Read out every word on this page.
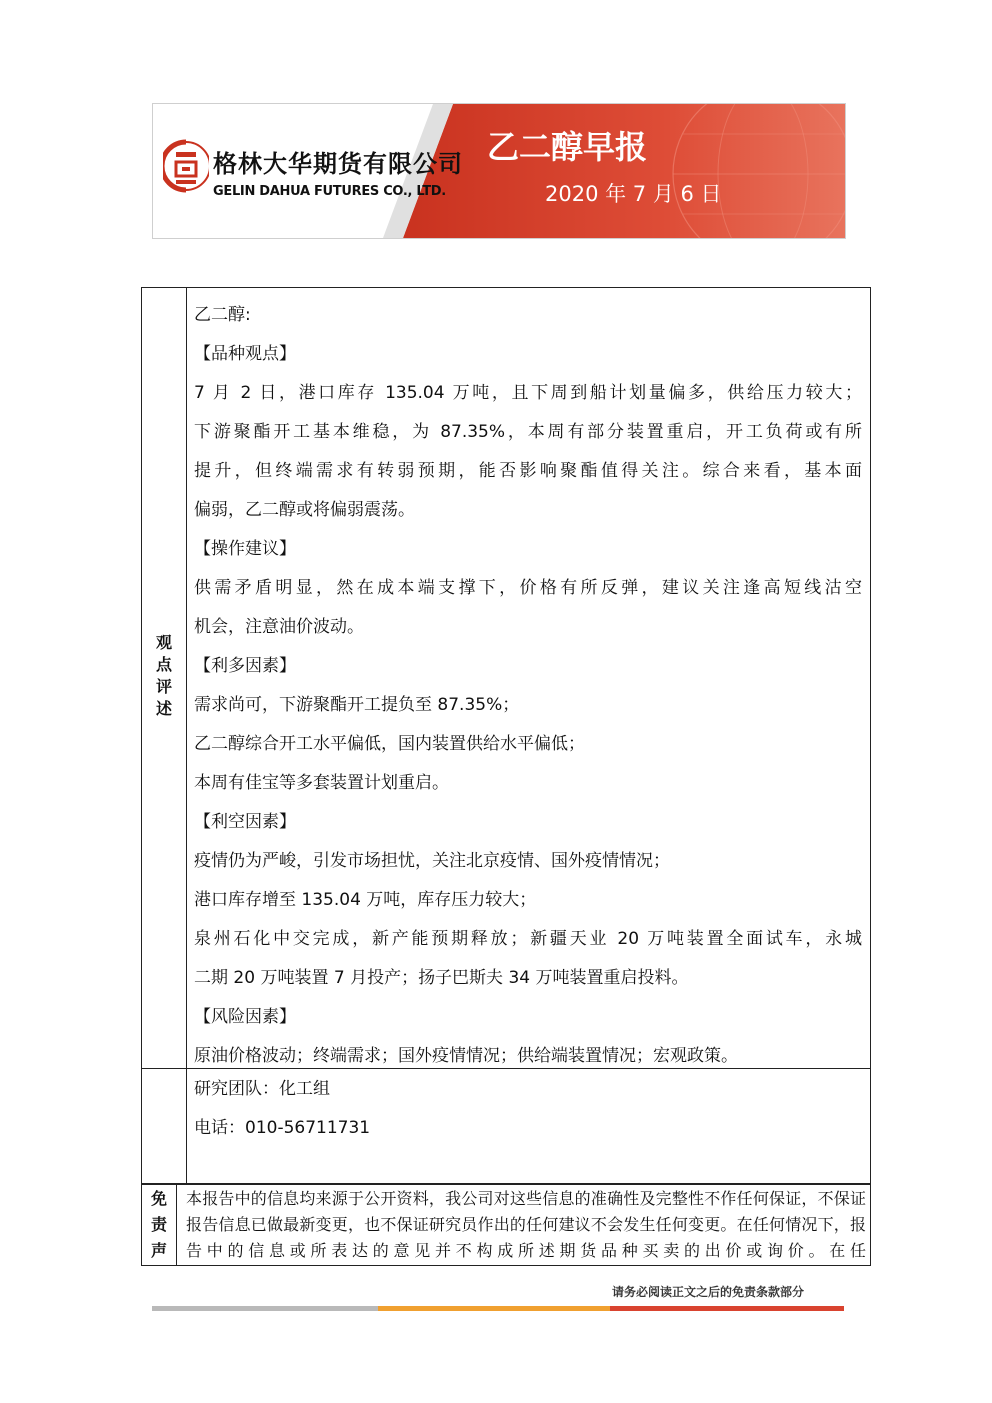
格林大华期货有限公司
GELIN DAHUA FUTURES CO., LTD.
乙二醇早报
2020 年 7 月 6 日
观点评述

乙二醇:

【品种观点】

7 月 2 日，港口库存 135.04 万吨，且下周到船计划量偏多，供给压力较大；

下游聚酯开工基本维稳，为 87.35%，本周有部分装置重启，开工负荷或有所

提升，但终端需求有转弱预期，能否影响聚酯值得关注。综合来看，基本面

偏弱，乙二醇或将偏弱震荡。

【操作建议】

供需矛盾明显，然在成本端支撑下，价格有所反弹，建议关注逢高短线沽空

机会，注意油价波动。

【利多因素】

需求尚可，下游聚酯开工提负至 87.35%；

乙二醇综合开工水平偏低，国内装置供给水平偏低；

本周有佳宝等多套装置计划重启。

【利空因素】

疫情仍为严峻，引发市场担忧，关注北京疫情、国外疫情情况；

港口库存增至 135.04 万吨，库存压力较大；

泉州石化中交完成，新产能预期释放；新疆天业 20 万吨装置全面试车，永城

二期 20 万吨装置 7 月投产；扬子巴斯夫 34 万吨装置重启投料。

【风险因素】

原油价格波动；终端需求；国外疫情情况；供给端装置情况；宏观政策。

研究团队：化工组

电话：010-56711731

免责声
本报告中的信息均来源于公开资料，我公司对这些信息的准确性及完整性不作任何保证，不保证报告信息已做最新变更，也不保证研究员作出的任何建议不会发生任何变更。在任何情况下，报告中的信息或所表达的意见并不构成所述期货品种买卖的出价或询价。在任
请务必阅读正文之后的免责条款部分
